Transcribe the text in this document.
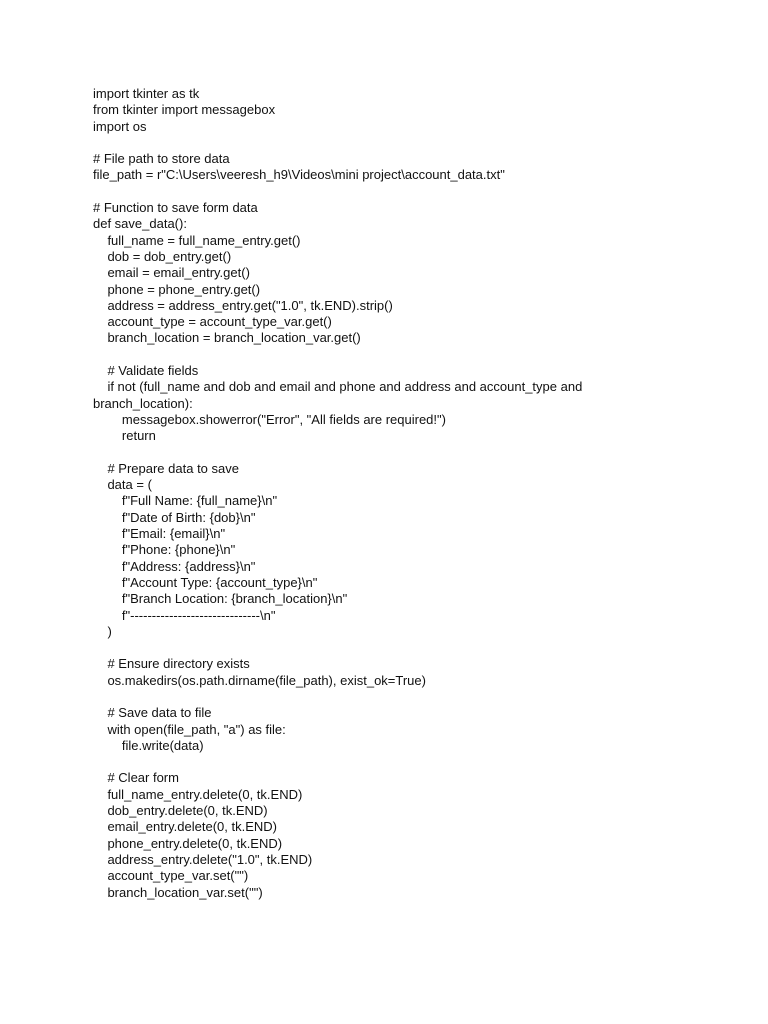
import tkinter as tk
from tkinter import messagebox
import os
# File path to store data
file_path = r"C:\Users\veeresh_h9\Videos\mini project\account_data.txt"
# Function to save form data
def save_data():
full_name = full_name_entry.get()
dob = dob_entry.get()
email = email_entry.get()
phone = phone_entry.get()
address = address_entry.get("1.0", tk.END).strip()
account_type = account_type_var.get()
branch_location = branch_location_var.get()
# Validate fields
if not (full_name and dob and email and phone and address and account_type and
branch_location):
messagebox.showerror("Error", "All fields are required!")
return
# Prepare data to save
data = (
f"Full Name: {full_name}\n"
f"Date of Birth: {dob}\n"
f"Email: {email}\n"
f"Phone: {phone}\n"
f"Address: {address}\n"
f"Account Type: {account_type}\n"
f"Branch Location: {branch_location}\n"
f"------------------------------\n"
)
# Ensure directory exists
os.makedirs(os.path.dirname(file_path), exist_ok=True)
# Save data to file
with open(file_path, "a") as file:
file.write(data)
# Clear form
full_name_entry.delete(0, tk.END)
dob_entry.delete(0, tk.END)
email_entry.delete(0, tk.END)
phone_entry.delete(0, tk.END)
address_entry.delete("1.0", tk.END)
account_type_var.set("")
branch_location_var.set("")
